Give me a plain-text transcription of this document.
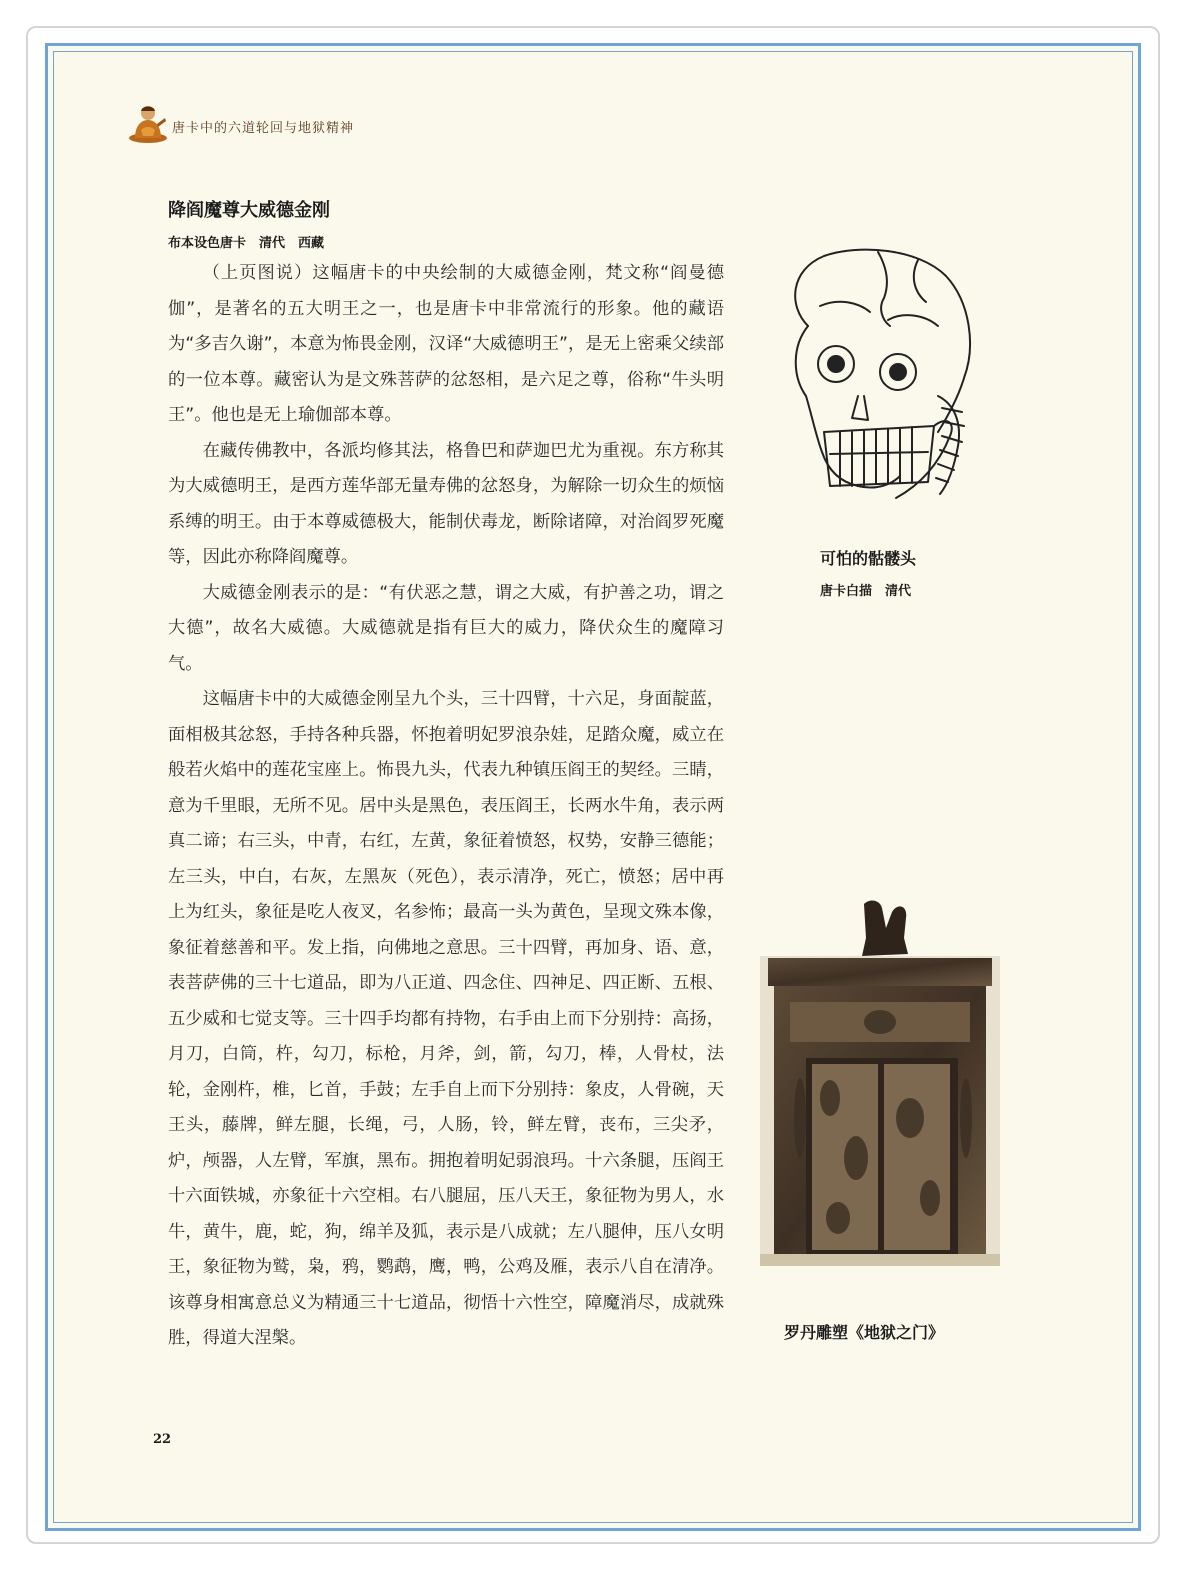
唐卡中的六道轮回与地狱精神
降阎魔尊大威德金刚
布本设色唐卡　清代　西藏

（上页图说）这幅唐卡的中央绘制的大威德金刚，梵文称“阎曼德伽”，是著名的五大明王之一，也是唐卡中非常流行的形象。他的藏语为“多吉久谢”，本意为怖畏金刚，汉译“大威德明王”，是无上密乘父续部的一位本尊。藏密认为是文殊菩萨的忿怒相，是六足之尊，俗称“牛头明王”。他也是无上瑜伽部本尊。

在藏传佛教中，各派均修其法，格鲁巴和萨迦巴尤为重视。东方称其为大威德明王，是西方莲华部无量寿佛的忿怒身，为解除一切众生的烦恼系缚的明王。由于本尊威德极大，能制伏毒龙，断除诸障，对治阎罗死魔等，因此亦称降阎魔尊。

大威德金刚表示的是：“有伏恶之慧，谓之大威，有护善之功，谓之大德”，故名大威德。大威德就是指有巨大的威力，降伏众生的魔障习气。

这幅唐卡中的大威德金刚呈九个头，三十四臂，十六足，身面靛蓝，面相极其忿怒，手持各种兵器，怀抱着明妃罗浪杂娃，足踏众魔，威立在般若火焰中的莲花宝座上。怖畏九头，代表九种镇压阎王的契经。三睛，意为千里眼，无所不见。居中头是黑色，表压阎王，长两水牛角，表示两真二谛；右三头，中青，右红，左黄，象征着愤怒，权势，安静三德能；左三头，中白，右灰，左黑灰（死色），表示清净，死亡，愤怒；居中再上为红头，象征是吃人夜叉，名参怖；最高一头为黄色，呈现文殊本像，象征着慈善和平。发上指，向佛地之意思。三十四臂，再加身、语、意，表菩萨佛的三十七道品，即为八正道、四念住、四神足、四正断、五根、五少威和七觉支等。三十四手均都有持物，右手由上而下分别持：高扬，月刀，白筒，杵，勾刀，标枪，月斧，剑，箭，勾刀，棒，人骨杖，法轮，金刚杵，椎，匕首，手鼓；左手自上而下分别持：象皮，人骨碗，天王头，藤牌，鲜左腿，长绳，弓，人肠，铃，鲜左臂，丧布，三尖矛，炉，颅器，人左臂，军旗，黑布。拥抱着明妃弱浪玛。十六条腿，压阎王十六面铁城，亦象征十六空相。右八腿屈，压八天王，象征物为男人，水牛，黄牛，鹿，蛇，狗，绵羊及狐，表示是八成就；左八腿伸，压八女明王，象征物为鹫，枭，鸦，鹦鹉，鹰，鸭，公鸡及雁，表示八自在清净。该尊身相寓意总义为精通三十七道品，彻悟十六性空，障魔消尽，成就殊胜，得道大涅槃。

可怕的骷髅头
唐卡白描　清代
罗丹雕塑《地狱之门》
22
